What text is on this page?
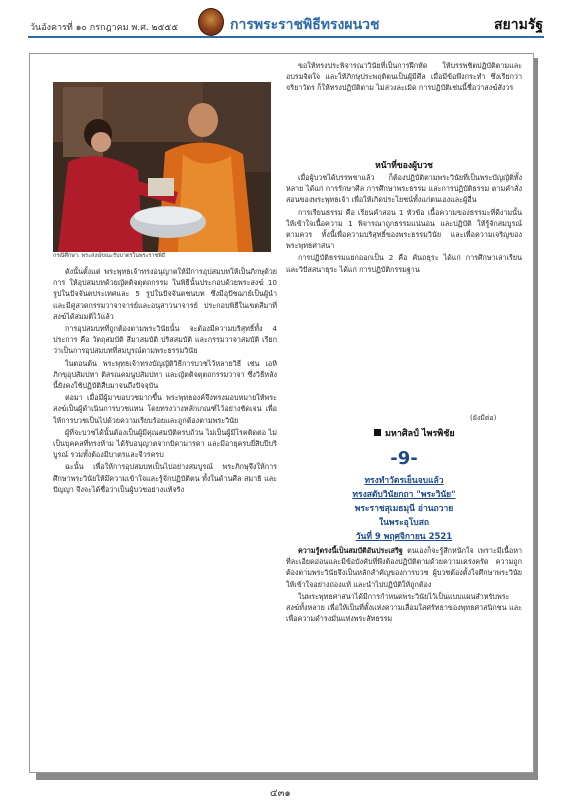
วันอังคารที่ ๑๐ กรกฎาคม พ.ศ. ๒๕๕๕	การพระราชพิธีทรงผนวช	สยามรัฐ
กรณีศึกษา: พระสงฆ์ขณะรับบาตรในพระราชพิธี

ดังนั้นตั้งแต่ พระพุทธเจ้าทรงอนุญาตให้มีการอุปสมบทให้เป็นภิกษุด้วยการ ให้อุปสมบทด้วยญัตติจตุตถกรรม ในพิธีนั้นประกอบด้วยพระสงฆ์ 10 รูปในปัจจันตประเทศและ 5 รูปในปัจจันตชนบท ซึ่งมีอุปัชฌาย์เป็นผู้นำและมีคู่สวดกรรมวาจาจารย์และอนุสาวนาจารย์ ประกอบพิธีในเขตสีมาที่สงฆ์ได้สมมติไว้แล้ว

การอุปสมบทที่ถูกต้องตามพระวินัยนั้น จะต้องมีความบริสุทธิ์ทั้ง 4 ประการ คือ วัตถุสมบัติ สีมาสมบัติ ปริสสมบัติ และกรรมวาจาสมบัติ เรียกว่าเป็นการอุปสมบทที่สมบูรณ์ตามพระธรรมวินัย

ในตอนต้น พระพุทธเจ้าทรงบัญญัติวิธีการบวชไว้หลายวิธี เช่น เอหิภิกขุอุปสัมปทา ติสรณคมนูปสัมปทา และญัตติจตุตถกรรมวาจา ซึ่งวิธีหลังนี้ยังคงใช้ปฏิบัติสืบมาจนถึงปัจจุบัน

ต่อมา เมื่อมีผู้มาขอบวชมากขึ้น พระพุทธองค์จึงทรงมอบหมายให้พระสงฆ์เป็นผู้ดำเนินการบวชแทน โดยทรงวางหลักเกณฑ์ไว้อย่างชัดเจน เพื่อให้การบวชเป็นไปด้วยความเรียบร้อยและถูกต้องตามพระวินัย

ผู้ที่จะบวชได้นั้นต้องเป็นผู้มีคุณสมบัติครบถ้วน ไม่เป็นผู้มีโรคติดต่อ ไม่เป็นบุคคลที่ทรงห้าม ได้รับอนุญาตจากบิดามารดา และมีอายุครบยี่สิบปีบริบูรณ์ รวมทั้งต้องมีบาตรและจีวรครบ

ฉะนั้น เพื่อให้การอุปสมบทเป็นไปอย่างสมบูรณ์ พระภิกษุจึงให้การศึกษาพระวินัยให้มีความเข้าใจและรู้จักปฏิบัติตน ทั้งในด้านศีล สมาธิ และปัญญา จึงจะได้ชื่อว่าเป็นผู้บวชอย่างแท้จริง

ขอให้ทรงประพิจารณาวินัยที่เป็นการฝึกหัด ให้บรรพชิตปฏิบัติตามและอบรมจิตใจ และให้ภิกษุประพฤติตนเป็นผู้มีศีล เมื่อมีข้อพึงกระทำ ซึ่งเรียกว่า จริยาวัตร ก็ให้ทรงปฏิบัติตาม ไม่ล่วงละเมิด การปฏิบัติเช่นนี้ชื่อว่าสงฆ์สังวร

หน้าที่ของผู้บวช

เมื่อผู้บวชได้บรรพชาแล้ว ก็ต้องปฏิบัติตามพระวินัยที่เป็นพระบัญญัติทั้งหลาย ได้แก่ การรักษาศีล การศึกษาพระธรรม และการปฏิบัติธรรม ตามคำสั่งสอนของพระพุทธเจ้า เพื่อให้เกิดประโยชน์ทั้งแก่ตนเองและผู้อื่น

การเรียนธรรม คือ เรียนคำสอน 1 หัวข้อ เนื้อความของธรรมะที่ดีงามนั้น ให้เข้าใจเนื้อความ 1 พิจารณาถูกธรรมแน่นอน และปฏิบัติ ให้รู้จักสมบูรณ์ตามควร ทั้งนี้เพื่อความบริสุทธิ์ของพระธรรมวินัย และเพื่อความเจริญของพระพุทธศาสนา

การปฏิบัติธรรมแยกออกเป็น 2 คือ คันถธุระ ได้แก่ การศึกษาเล่าเรียน และวิปัสสนาธุระ ได้แก่ การปฏิบัติกรรมฐาน

(ยังมีต่อ)
มหาศิลป์ ไพรพิชัย
-9-
ทรงทำวัตรเย็นจบแล้ว
ทรงสดับวินัยกถา "พระวินัย"
พระราชสุเมธมุนี อ่านถวาย
ในพระอุโบสถ
วันที่ 9 พฤศจิกายน 2521

ความรู้ตรงนี้เป็นสมบัติอันประเสริฐ ตนเองก็จะรู้สึกหนักใจ เพราะมีเนื้อหาที่ละเอียดอ่อนและมีข้อบังคับที่พึงต้องปฏิบัติตามด้วยความเคร่งครัด ความถูกต้องตามพระวินัยจึงเป็นหลักสำคัญของการบวช ผู้บวชต้องตั้งใจศึกษาพระวินัยให้เข้าใจอย่างถ่องแท้ และนำไปปฏิบัติให้ถูกต้อง

ในพระพุทธศาสนาได้มีการกำหนดพระวินัยไว้เป็นแบบแผนสำหรับพระสงฆ์ทั้งหลาย เพื่อให้เป็นที่ตั้งแห่งความเลื่อมใสศรัทธาของพุทธศาสนิกชน และเพื่อความดำรงมั่นแห่งพระสัทธรรม

๔๓๑
